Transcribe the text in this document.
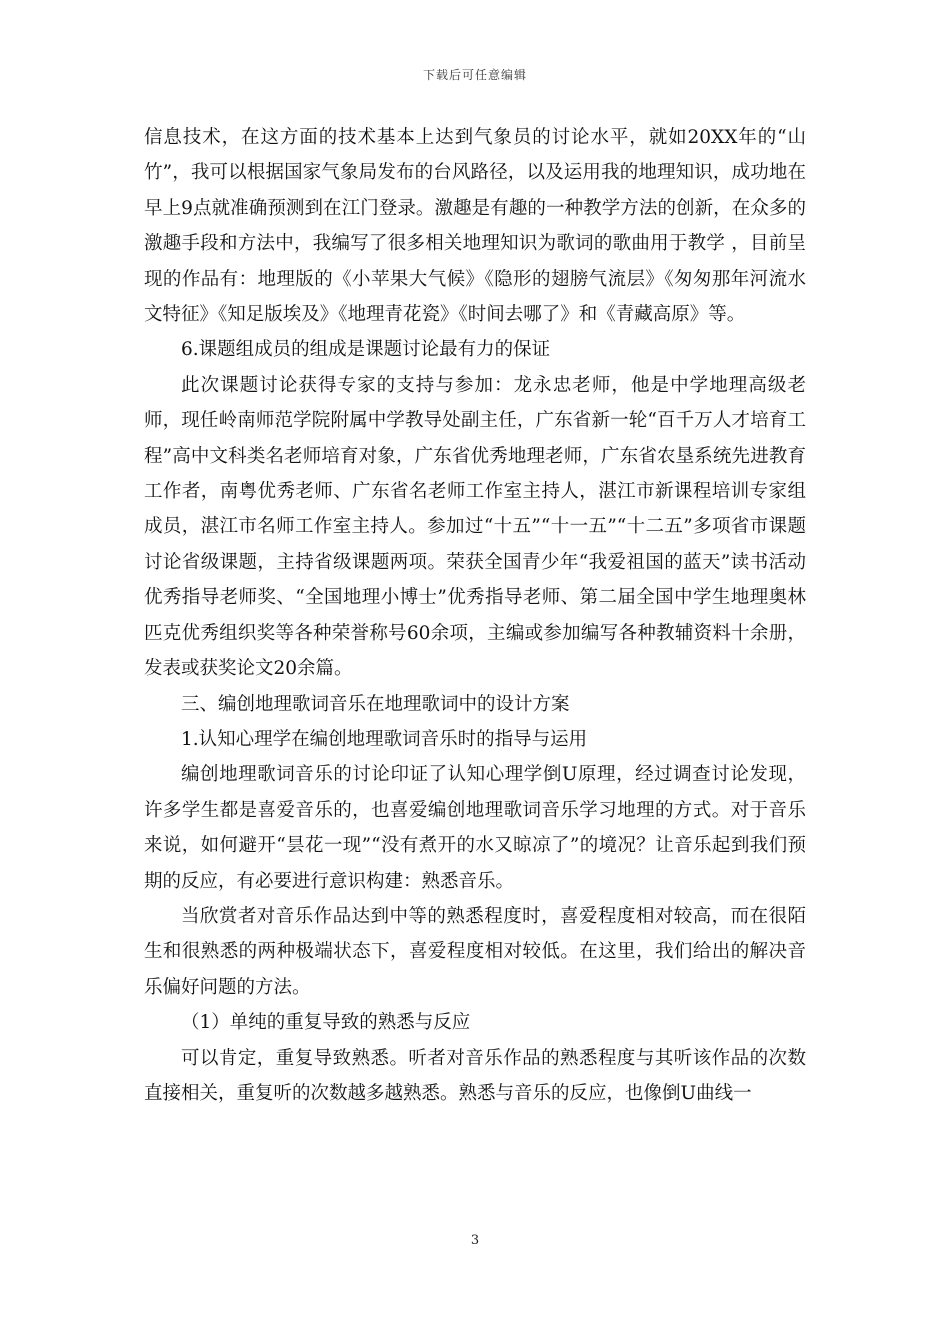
下载后可任意编辑

信息技术，在这方面的技术基本上达到气象员的讨论水平，就如20XX年的“山竹”，我可以根据国家气象局发布的台风路径，以及运用我的地理知识，成功地在早上9点就准确预测到在江门登录。激趣是有趣的一种教学方法的创新，在众多的激趣手段和方法中，我编写了很多相关地理知识为歌词的歌曲用于教学 ，目前呈现的作品有：地理版的《小苹果大气候》《隐形的翅膀气流层》《匆匆那年河流水文特征》《知足版埃及》《地理青花瓷》《时间去哪了》和《青藏高原》等。

6.课题组成员的组成是课题讨论最有力的保证

此次课题讨论获得专家的支持与参加：龙永忠老师，他是中学地理高级老师，现任岭南师范学院附属中学教导处副主任，广东省新一轮“百千万人才培育工程”高中文科类名老师培育对象，广东省优秀地理老师，广东省农垦系统先进教育工作者，南粤优秀老师、广东省名老师工作室主持人，湛江市新课程培训专家组成员，湛江市名师工作室主持人。参加过“十五”“十一五”“十二五”多项省市课题讨论省级课题，主持省级课题两项。荣获全国青少年“我爱祖国的蓝天”读书活动优秀指导老师奖、“全国地理小博士”优秀指导老师、第二届全国中学生地理奥林匹克优秀组织奖等各种荣誉称号60余项，主编或参加编写各种教辅资料十余册，发表或获奖论文20余篇。

三、编创地理歌词音乐在地理歌词中的设计方案

1.认知心理学在编创地理歌词音乐时的指导与运用

编创地理歌词音乐的讨论印证了认知心理学倒U原理，经过调查讨论发现，许多学生都是喜爱音乐的，也喜爱编创地理歌词音乐学习地理的方式。对于音乐来说，如何避开“昙花一现”“没有煮开的水又晾凉了”的境况？让音乐起到我们预期的反应，有必要进行意识构建：熟悉音乐。

当欣赏者对音乐作品达到中等的熟悉程度时，喜爱程度相对较高，而在很陌生和很熟悉的两种极端状态下，喜爱程度相对较低。在这里，我们给出的解决音乐偏好问题的方法。

（1）单纯的重复导致的熟悉与反应

可以肯定，重复导致熟悉。听者对音乐作品的熟悉程度与其听该作品的次数直接相关，重复听的次数越多越熟悉。熟悉与音乐的反应，也像倒U曲线一

3
